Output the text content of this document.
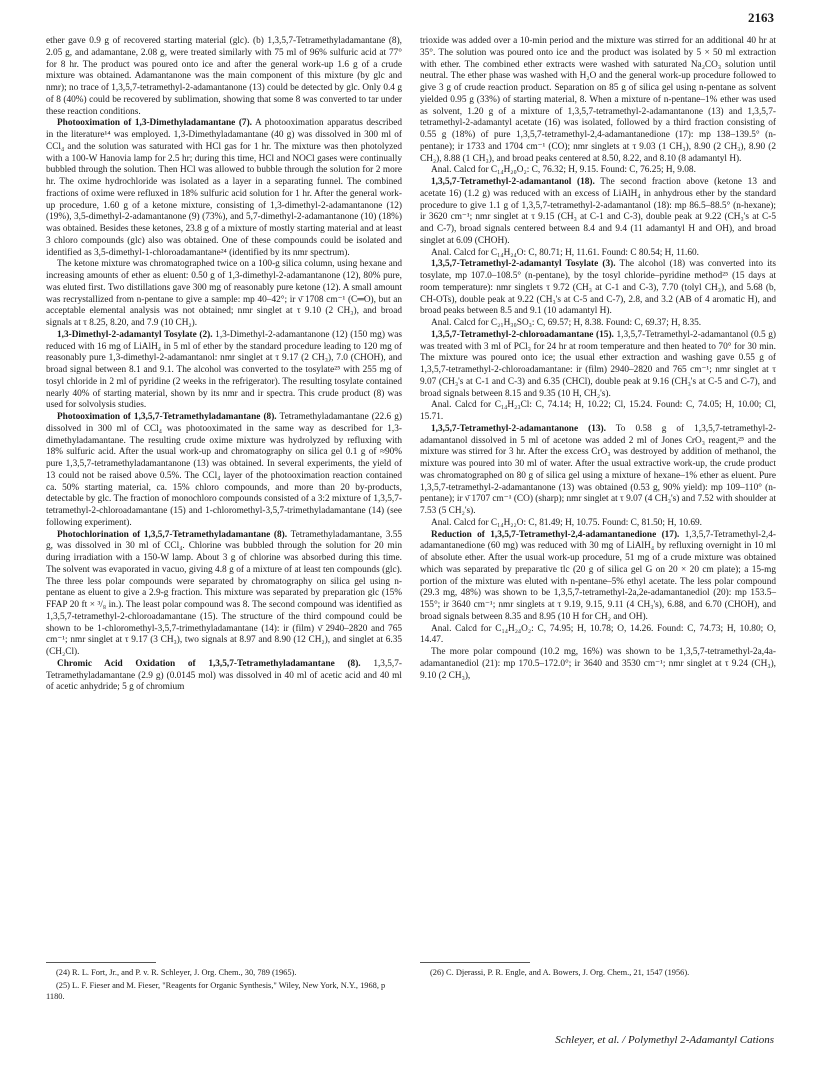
2163

ether gave 0.9 g of recovered starting material (glc). (b) 1,3,5,7-Tetramethyladamantane (8), 2.05 g, and adamantane, 2.08 g, were treated similarly with 75 ml of 96% sulfuric acid at 77° for 8 hr. The product was poured onto ice and after the general work-up 1.6 g of a crude mixture was obtained. Adamantanone was the main component of this mixture (by glc and nmr); no trace of 1,3,5,7-tetramethyl-2-adamantanone (13) could be detected by glc. Only 0.4 g of 8 (40%) could be recovered by sublimation, showing that some 8 was converted to tar under these reaction conditions.

Photooximation of 1,3-Dimethyladamantane (7). A photooximation apparatus described in the literature¹⁴ was employed. 1,3-Dimethyladamantane (40 g) was dissolved in 300 ml of CCl₄ and the solution was saturated with HCl gas for 1 hr. The mixture was then photolyzed with a 100-W Hanovia lamp for 2.5 hr; during this time, HCl and NOCl gases were continually bubbled through the solution. Then HCl was allowed to bubble through the solution for 2 more hr. The oxime hydrochloride was isolated as a layer in a separating funnel. The combined fractions of oxime were refluxed in 18% sulfuric acid solution for 1 hr. After the general work-up procedure, 1.60 g of a ketone mixture, consisting of 1,3-dimethyl-2-adamantanone (12) (19%), 3,5-dimethyl-2-adamantanone (9) (73%), and 5,7-dimethyl-2-adamantanone (10) (18%) was obtained. Besides these ketones, 23.8 g of a mixture of mostly starting material and at least 3 chloro compounds (glc) also was obtained. One of these compounds could be isolated and identified as 3,5-dimethyl-1-chloroadamantane²⁴ (identified by its nmr spectrum).

The ketone mixture was chromatographed twice on a 100-g silica column, using hexane and increasing amounts of ether as eluent: 0.50 g of 1,3-dimethyl-2-adamantanone (12), 80% pure, was eluted first. Two distillations gave 300 mg of reasonably pure ketone (12). A small amount was recrystallized from n-pentane to give a sample: mp 40–42°; ir ν̄ 1708 cm⁻¹ (C═O), but an acceptable elemental analysis was not obtained; nmr singlet at τ 9.10 (2 CH₃), and broad signals at τ 8.25, 8.20, and 7.9 (10 CH₂).

1,3-Dimethyl-2-adamantyl Tosylate (2). 1,3-Dimethyl-2-adamantanone (12) (150 mg) was reduced with 16 mg of LiAlH₄ in 5 ml of ether by the standard procedure leading to 120 mg of reasonably pure 1,3-dimethyl-2-adamantanol: nmr singlet at τ 9.17 (2 CH₃), 7.0 (CHOH), and broad signal between 8.1 and 9.1. The alcohol was converted to the tosylate²⁵ with 255 mg of tosyl chloride in 2 ml of pyridine (2 weeks in the refrigerator). The resulting tosylate contained nearly 40% of starting material, shown by its nmr and ir spectra. This crude product (8) was used for solvolysis studies.

Photooximation of 1,3,5,7-Tetramethyladamantane (8). Tetramethyladamantane (22.6 g) dissolved in 300 ml of CCl₄ was photooximated in the same way as described for 1,3-dimethyladamantane. The resulting crude oxime mixture was hydrolyzed by refluxing with 18% sulfuric acid. After the usual work-up and chromatography on silica gel 0.1 g of ≈90% pure 1,3,5,7-tetramethyladamantanone (13) was obtained. In several experiments, the yield of 13 could not be raised above 0.5%. The CCl₄ layer of the photooximation reaction contained ca. 50% starting material, ca. 15% chloro compounds, and more than 20 by-products, detectable by glc. The fraction of monochloro compounds consisted of a 3:2 mixture of 1,3,5,7-tetramethyl-2-chloroadamantane (15) and 1-chloromethyl-3,5,7-trimethyladamantane (14) (see following experiment).

Photochlorination of 1,3,5,7-Tetramethyladamantane (8). Tetramethyladamantane, 3.55 g, was dissolved in 30 ml of CCl₄. Chlorine was bubbled through the solution for 20 min during irradiation with a 150-W lamp. About 3 g of chlorine was absorbed during this time. The solvent was evaporated in vacuo, giving 4.8 g of a mixture of at least ten compounds (glc). The three less polar compounds were separated by chromatography on silica gel using n-pentane as eluent to give a 2.9-g fraction. This mixture was separated by preparation glc (15% FFAP 20 ft × ³/₈ in.). The least polar compound was 8. The second compound was identified as 1,3,5,7-tetramethyl-2-chloroadamantane (15). The structure of the third compound could be shown to be 1-chloromethyl-3,5,7-trimethyladamantane (14): ir (film) ν̄ 2940–2820 and 765 cm⁻¹; nmr singlet at τ 9.17 (3 CH₃), two signals at 8.97 and 8.90 (12 CH₂), and singlet at 6.35 (CH₂Cl).

Chromic Acid Oxidation of 1,3,5,7-Tetramethyladamantane (8). 1,3,5,7-Tetramethyladamantane (2.9 g) (0.0145 mol) was dissolved in 40 ml of acetic acid and 40 ml of acetic anhydride; 5 g of chromium

trioxide was added over a 10-min period and the mixture was stirred for an additional 40 hr at 35°. The solution was poured onto ice and the product was isolated by 5 × 50 ml extraction with ether. The combined ether extracts were washed with saturated Na₂CO₃ solution until neutral. The ether phase was washed with H₂O and the general work-up procedure followed to give 3 g of crude reaction product. Separation on 85 g of silica gel using n-pentane as solvent yielded 0.95 g (33%) of starting material, 8. When a mixture of n-pentane–1% ether was used as solvent, 1.20 g of a mixture of 1,3,5,7-tetramethyl-2-adamantanone (13) and 1,3,5,7-tetramethyl-2-adamantyl acetate (16) was isolated, followed by a third fraction consisting of 0.55 g (18%) of pure 1,3,5,7-tetramethyl-2,4-adamantanedione (17): mp 138–139.5° (n-pentane); ir 1733 and 1704 cm⁻¹ (CO); nmr singlets at τ 9.03 (1 CH₃), 8.90 (2 CH₃), 8.90 (2 CH₂), 8.88 (1 CH₃), and broad peaks centered at 8.50, 8.22, and 8.10 (8 adamantyl H).

Anal. Calcd for C₁₄H₂₀O₂: C, 76.32; H, 9.15. Found: C, 76.25; H, 9.08.

1,3,5,7-Tetramethyl-2-adamantanol (18). The second fraction above (ketone 13 and acetate 16) (1.2 g) was reduced with an excess of LiAlH₄ in anhydrous ether by the standard procedure to give 1.1 g of 1,3,5,7-tetramethyl-2-adamantanol (18): mp 86.5–88.5° (n-hexane); ir 3620 cm⁻¹; nmr singlet at τ 9.15 (CH₃ at C-1 and C-3), double peak at 9.22 (CH₃'s at C-5 and C-7), broad signals centered between 8.4 and 9.4 (11 adamantyl H and OH), and broad singlet at 6.09 (CHOH).

Anal. Calcd for C₁₄H₂₄O: C, 80.71; H, 11.61. Found: C 80.54; H, 11.60.

1,3,5,7-Tetramethyl-2-adamantyl Tosylate (3). The alcohol (18) was converted into its tosylate, mp 107.0–108.5° (n-pentane), by the tosyl chloride–pyridine method²⁵ (15 days at room temperature): nmr singlets τ 9.72 (CH₃ at C-1 and C-3), 7.70 (tolyl CH₃), and 5.68 (b, CH-OTs), double peak at 9.22 (CH₃'s at C-5 and C-7), 2.8, and 3.2 (AB of 4 aromatic H), and broad peaks between 8.5 and 9.1 (10 adamantyl H).

Anal. Calcd for C₂₁H₃₀SO₃: C, 69.57; H, 8.38. Found: C, 69.37; H, 8.35.

1,3,5,7-Tetramethyl-2-chloroadamantane (15). 1,3,5,7-Tetramethyl-2-adamantanol (0.5 g) was treated with 3 ml of PCl₃ for 24 hr at room temperature and then heated to 70° for 30 min. The mixture was poured onto ice; the usual ether extraction and washing gave 0.55 g of 1,3,5,7-tetramethyl-2-chloroadamantane: ir (film) 2940–2820 and 765 cm⁻¹; nmr singlet at τ 9.07 (CH₃'s at C-1 and C-3) and 6.35 (CHCl), double peak at 9.16 (CH₃'s at C-5 and C-7), and broad signals between 8.15 and 9.35 (10 H, CH₂'s).

Anal. Calcd for C₁₄H₂₃Cl: C, 74.14; H, 10.22; Cl, 15.24. Found: C, 74.05; H, 10.00; Cl, 15.71.

1,3,5,7-Tetramethyl-2-adamantanone (13). To 0.58 g of 1,3,5,7-tetramethyl-2-adamantanol dissolved in 5 ml of acetone was added 2 ml of Jones CrO₃ reagent,²⁵ and the mixture was stirred for 3 hr. After the excess CrO₃ was destroyed by addition of methanol, the mixture was poured into 30 ml of water. After the usual extractive work-up, the crude product was chromatographed on 80 g of silica gel using a mixture of hexane–1% ether as eluent. Pure 1,3,5,7-tetramethyl-2-adamantanone (13) was obtained (0.53 g, 90% yield): mp 109–110° (n-pentane); ir ν̄ 1707 cm⁻¹ (CO) (sharp); nmr singlet at τ 9.07 (4 CH₃'s) and 7.52 with shoulder at 7.53 (5 CH₂'s).

Anal. Calcd for C₁₄H₂₂O: C, 81.49; H, 10.75. Found: C, 81.50; H, 10.69.

Reduction of 1,3,5,7-Tetramethyl-2,4-adamantanedione (17). 1,3,5,7-Tetramethyl-2,4-adamantanedione (60 mg) was reduced with 30 mg of LiAlH₄ by refluxing overnight in 10 ml of absolute ether. After the usual work-up procedure, 51 mg of a crude mixture was obtained which was separated by preparative tlc (20 g of silica gel G on 20 × 20 cm plate); a 15-mg portion of the mixture was eluted with n-pentane–5% ethyl acetate. The less polar compound (29.3 mg, 48%) was shown to be 1,3,5,7-tetramethyl-2a,2e-adamantanediol (20): mp 153.5–155°; ir 3640 cm⁻¹; nmr singlets at τ 9.19, 9.15, 9.11 (4 CH₃'s), 6.88, and 6.70 (CHOH), and broad signals between 8.35 and 8.95 (10 H for CH₂ and OH).

Anal. Calcd for C₁₄H₂₄O₂: C, 74.95; H, 10.78; O, 14.26. Found: C, 74.73; H, 10.80; O, 14.47.

The more polar compound (10.2 mg, 16%) was shown to be 1,3,5,7-tetramethyl-2a,4a-adamantanediol (21): mp 170.5–172.0°; ir 3640 and 3530 cm⁻¹; nmr singlet at τ 9.24 (CH₃), 9.10 (2 CH₃),

(24) R. L. Fort, Jr., and P. v. R. Schleyer, J. Org. Chem., 30, 789 (1965).

(25) L. F. Fieser and M. Fieser, "Reagents for Organic Synthesis," Wiley, New York, N.Y., 1968, p 1180.

(26) C. Djerassi, P. R. Engle, and A. Bowers, J. Org. Chem., 21, 1547 (1956).

Schleyer, et al. / Polymethyl 2-Adamantyl Cations
